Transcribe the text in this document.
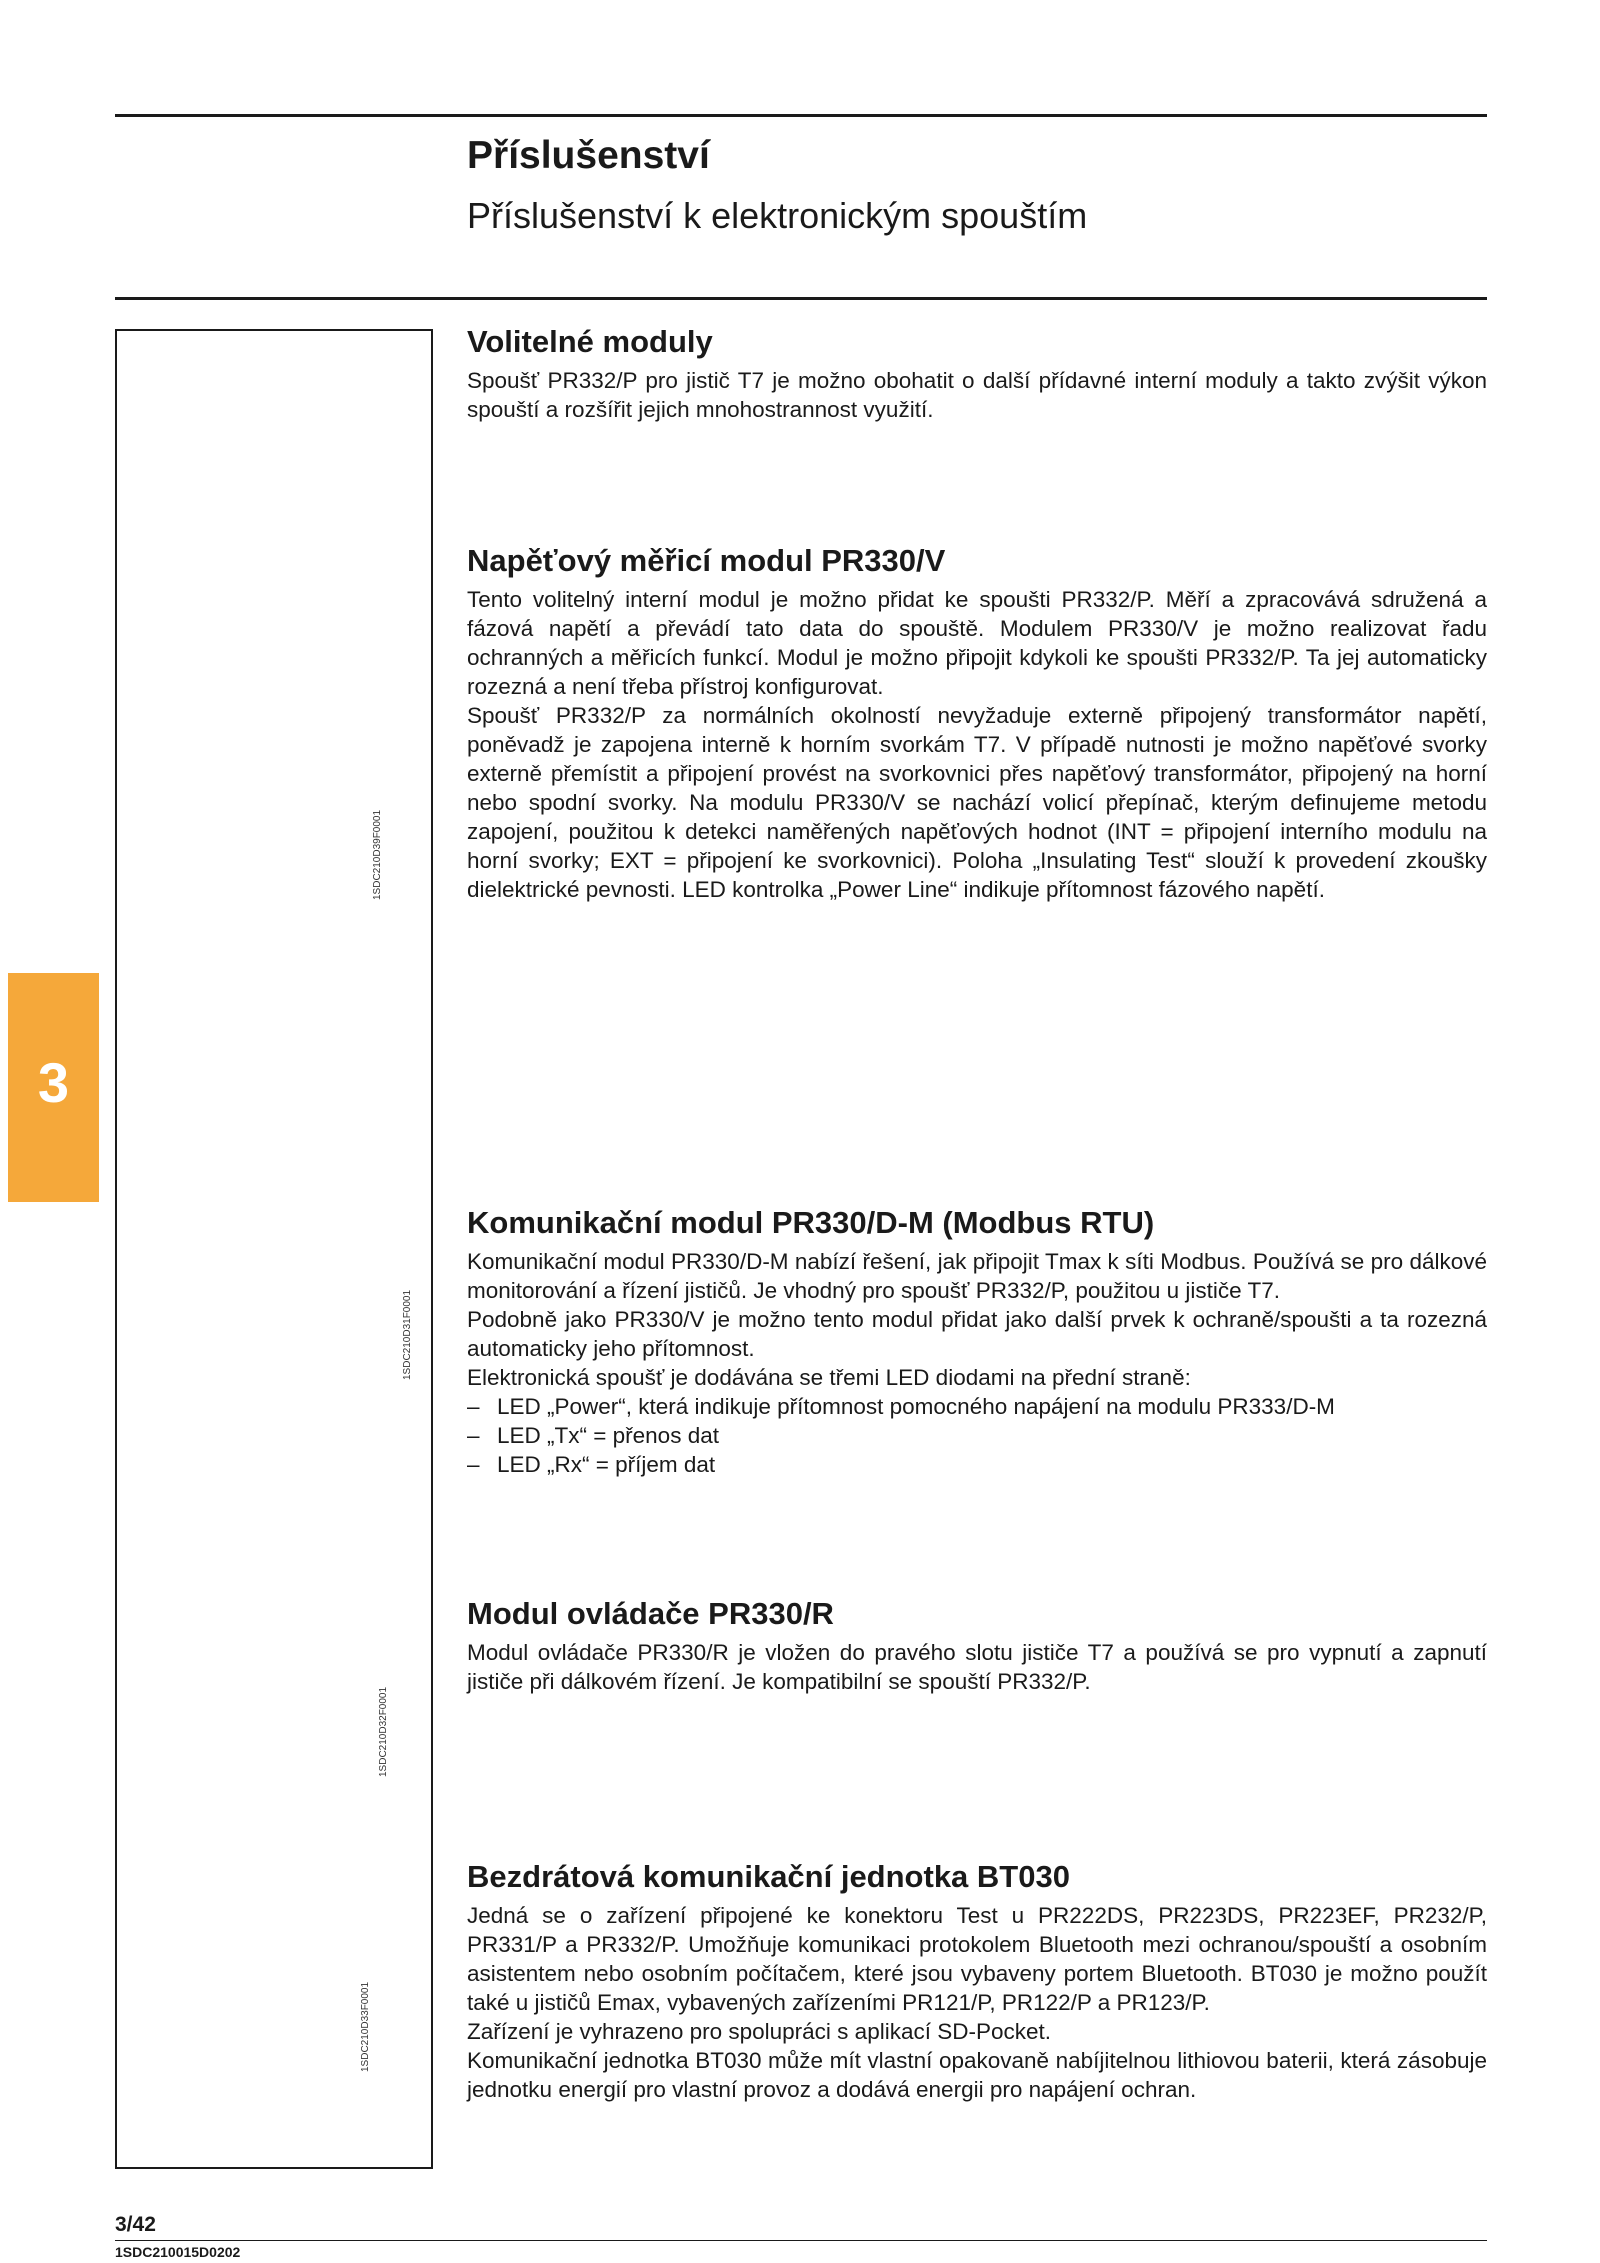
Příslušenství
Příslušenství k elektronickým spouštím
1SDC210D39F0001
1SDC210D31F0001
1SDC210D32F0001
1SDC210D33F0001
3
Volitelné moduly

Spoušť PR332/P pro jistič T7 je možno obohatit o další přídavné interní moduly a takto zvýšit výkon spouští a rozšířit jejich mnohostrannost využití.

Napěťový měřicí modul PR330/V

Tento volitelný interní modul je možno přidat ke spoušti PR332/P. Měří a zpracovává sdružená a fázová napětí a převádí tato data do spouště. Modulem PR330/V je možno realizovat řadu ochranných a měřicích funkcí. Modul je možno připojit kdykoli ke spoušti PR332/P. Ta jej automaticky rozezná a není třeba přístroj konfigurovat.

Spoušť PR332/P za normálních okolností nevyžaduje externě připojený transformátor napětí, poněvadž je zapojena interně k horním svorkám T7. V případě nutnosti je možno napěťové svorky externě přemístit a připojení provést na svorkovnici přes napěťový transformátor, připojený na horní nebo spodní svorky. Na modulu PR330/V se nachází volicí přepínač, kterým definujeme metodu zapojení, použitou k detekci naměřených napěťových hodnot (INT = připojení interního modulu na horní svorky; EXT = připojení ke svorkovnici). Poloha „Insulating Test“ slouží k provedení zkoušky dielektrické pevnosti. LED kontrolka „Power Line“ indikuje přítomnost fázového napětí.

Komunikační modul PR330/D-M (Modbus RTU)

Komunikační modul PR330/D-M nabízí řešení, jak připojit Tmax k síti Modbus. Používá se pro dálkové monitorování a řízení jističů. Je vhodný pro spoušť PR332/P, použitou u jističe T7.

Podobně jako PR330/V je možno tento modul přidat jako další prvek k ochraně/spoušti a ta rozezná automaticky jeho přítomnost.

Elektronická spoušť je dodávána se třemi LED diodami na přední straně:

– LED „Power“, která indikuje přítomnost pomocného napájení na modulu PR333/D-M
– LED „Tx“ = přenos dat
– LED „Rx“ = příjem dat
Modul ovládače PR330/R

Modul ovládače PR330/R je vložen do pravého slotu jističe T7 a používá se pro vypnutí a zapnutí jističe při dálkovém řízení. Je kompatibilní se spouští PR332/P.

Bezdrátová komunikační jednotka BT030

Jedná se o zařízení připojené ke konektoru Test u PR222DS, PR223DS, PR223EF, PR232/P, PR331/P a PR332/P. Umožňuje komunikaci protokolem Bluetooth mezi ochranou/spouští a osobním asistentem nebo osobním počítačem, které jsou vybaveny portem Bluetooth. BT030 je možno použít také u jističů Emax, vybavených zařízeními PR121/P, PR122/P a PR123/P.

Zařízení je vyhrazeno pro spolupráci s aplikací SD-Pocket.

Komunikační jednotka BT030 může mít vlastní opakovaně nabíjitelnou lithiovou baterii, která zásobuje jednotku energií pro vlastní provoz a dodává energii pro napájení ochran.

3/42
1SDC210015D0202
